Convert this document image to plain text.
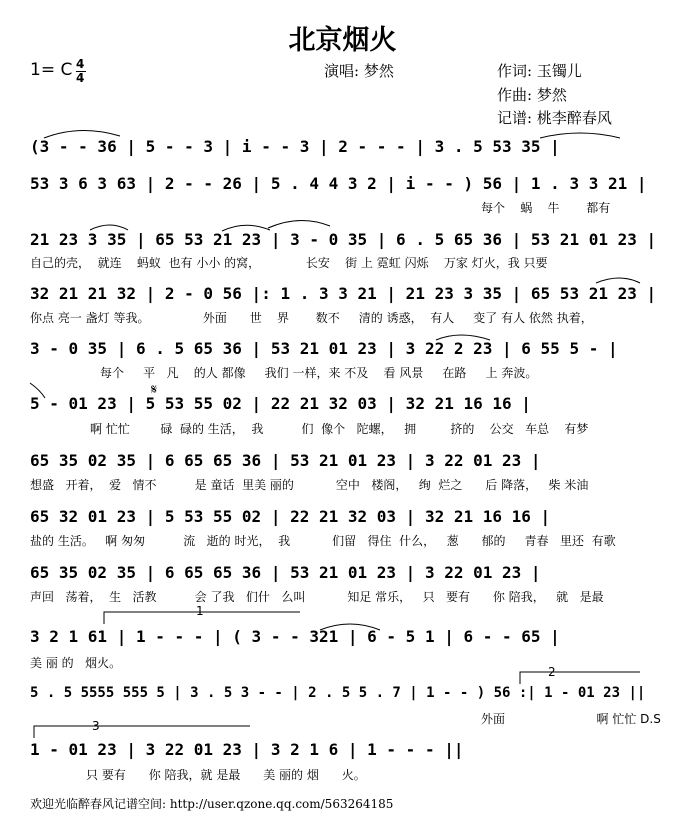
北京烟火
1= C 4
4	演唱: 梦然	作词: 玉镯儿
作曲: 梦然
记谱: 桃李醉春风
(3 - - 36 | 5 - - 3 | i - - 3 | 2 - - - | 3 . 5 53 35 |
53 3 6 3 63 | 2 - - 26 | 5 . 4 4 3 2 | i - - ) 56 | 1 . 3 3 21 |
21 23 3 35 | 65 53 21 23 | 3 - 0 35 | 6 . 5 65 36 | 53 21 01 23 |
32 21 21 32 | 2 - 0 56 |: 1 . 3 3 21 | 21 23 3 35 | 65 53 21 23 |
3 - 0 35 | 6 . 5 65 36 | 53 21 01 23 | 3 22 2 23 | 6 55 5 - |
5 - 01 23 | 5 53 55 02 | 22 21 32 03 | 32 21 16 16 |
65 35 02 35 | 6 65 65 36 | 53 21 01 23 | 3 22 01 23 |
65 32 01 23 | 5 53 55 02 | 22 21 32 03 | 32 21 16 16 |
65 35 02 35 | 6 65 65 36 | 53 21 01 23 | 3 22 01 23 |
3 2 1 61 | 1 - - - | ( 3 - - 321 | 6 - 5 1 | 6 - - 65 |
5 . 5 5555 555 5 | 3 . 5 3 - - | 2 . 5 5 . 7 | 1 - - ) 56 :| 1 - 01 23 ||
1 - 01 23 | 3 22 01 23 | 3 2 1 6 | 1 - - - ||
每个    蜗    牛       都有
自己的壳，  就连    蚂蚁  也有 小小 的窝，            长安    街 上 霓虹 闪烁    万家 灯火，我 只要
你点 亮一 盏灯 等我。              外面      世    界       数不     清的 诱惑，  有人     变了 有人 依然 执着，
每个     平   凡    的人 都像     我们 一样，来 不及    看 风景     在路     上 奔波。
啊 忙忙        碌  碌的 生活，  我          们  像个   陀螺，   拥         挤的    公交   车总    有梦
想盛   开着，  爱   情不          是 童话  里美 丽的           空中   楼阁，   绚  烂之      后 降落，   柴 米油
盐的 生活。   啊 匆匆          流   逝的 时光，  我           们留   得住  什么，   葱      郁的     青春   里还  有歌
声回   荡着，  生   活教          会 了我   们什   么叫           知足 常乐，   只   要有      你 陪我，   就   是最
美 丽 的   烟火。
外面                        啊 忙忙 D.S
只 要有      你 陪我，就 是最      美 丽的 烟      火。
1
2
3
𝄋
欢迎光临醉春风记谱空间: http://user.qzone.qq.com/563264185
